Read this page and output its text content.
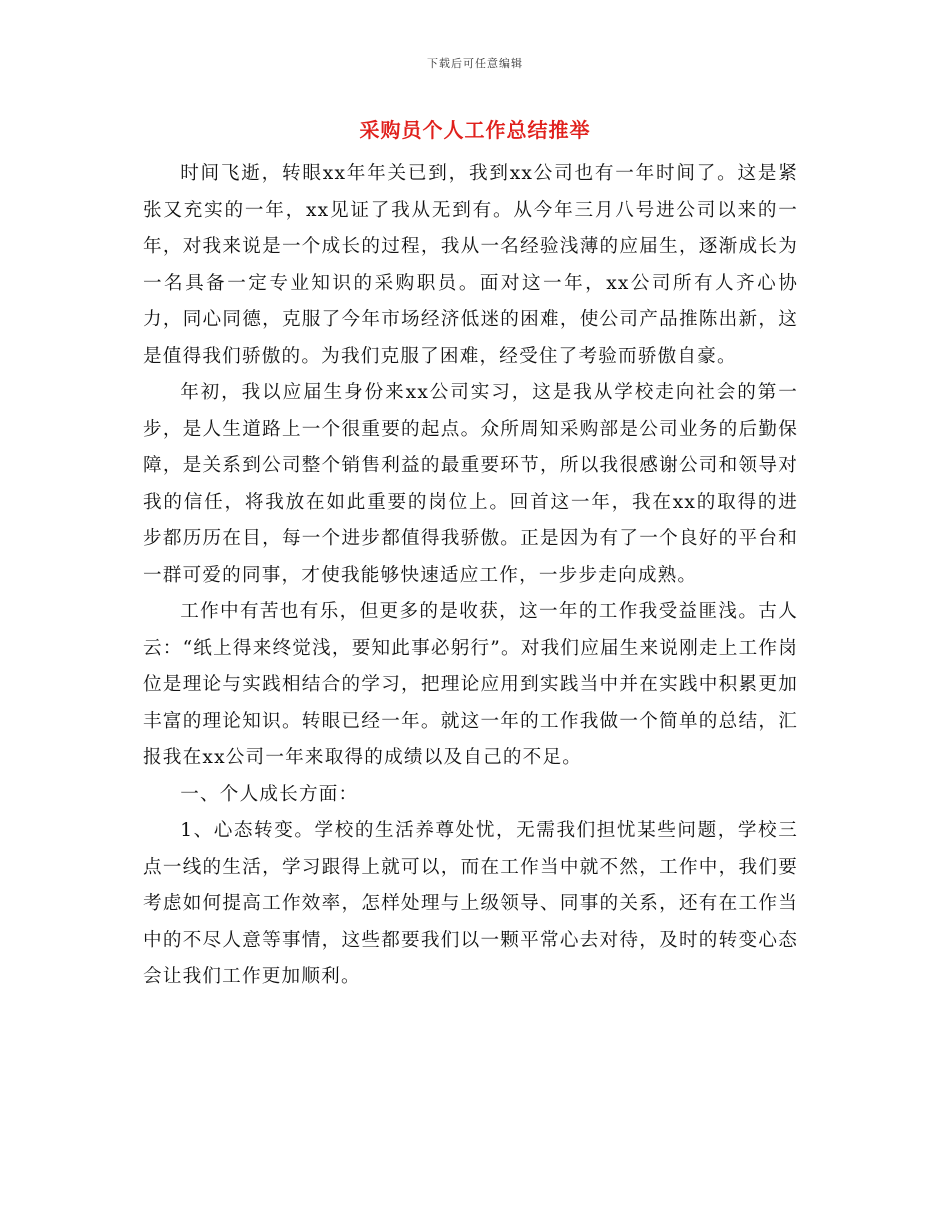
下载后可任意编辑
采购员个人工作总结推举

时间飞逝，转眼xx年年关已到，我到xx公司也有一年时间了。这是紧张又充实的一年，xx见证了我从无到有。从今年三月八号进公司以来的一年，对我来说是一个成长的过程，我从一名经验浅薄的应届生，逐渐成长为一名具备一定专业知识的采购职员。面对这一年，xx公司所有人齐心协力，同心同德，克服了今年市场经济低迷的困难，使公司产品推陈出新，这是值得我们骄傲的。为我们克服了困难，经受住了考验而骄傲自豪。

年初，我以应届生身份来xx公司实习，这是我从学校走向社会的第一步，是人生道路上一个很重要的起点。众所周知采购部是公司业务的后勤保障，是关系到公司整个销售利益的最重要环节，所以我很感谢公司和领导对我的信任，将我放在如此重要的岗位上。回首这一年，我在xx的取得的进步都历历在目，每一个进步都值得我骄傲。正是因为有了一个良好的平台和一群可爱的同事，才使我能够快速适应工作，一步步走向成熟。

工作中有苦也有乐，但更多的是收获，这一年的工作我受益匪浅。古人云：“纸上得来终觉浅，要知此事必躬行”。对我们应届生来说刚走上工作岗位是理论与实践相结合的学习，把理论应用到实践当中并在实践中积累更加丰富的理论知识。转眼已经一年。就这一年的工作我做一个简单的总结，汇报我在xx公司一年来取得的成绩以及自己的不足。

一、个人成长方面：

1、心态转变。学校的生活养尊处忧，无需我们担忧某些问题，学校三点一线的生活，学习跟得上就可以，而在工作当中就不然，工作中，我们要考虑如何提高工作效率，怎样处理与上级领导、同事的关系，还有在工作当中的不尽人意等事情，这些都要我们以一颗平常心去对待，及时的转变心态会让我们工作更加顺利。
